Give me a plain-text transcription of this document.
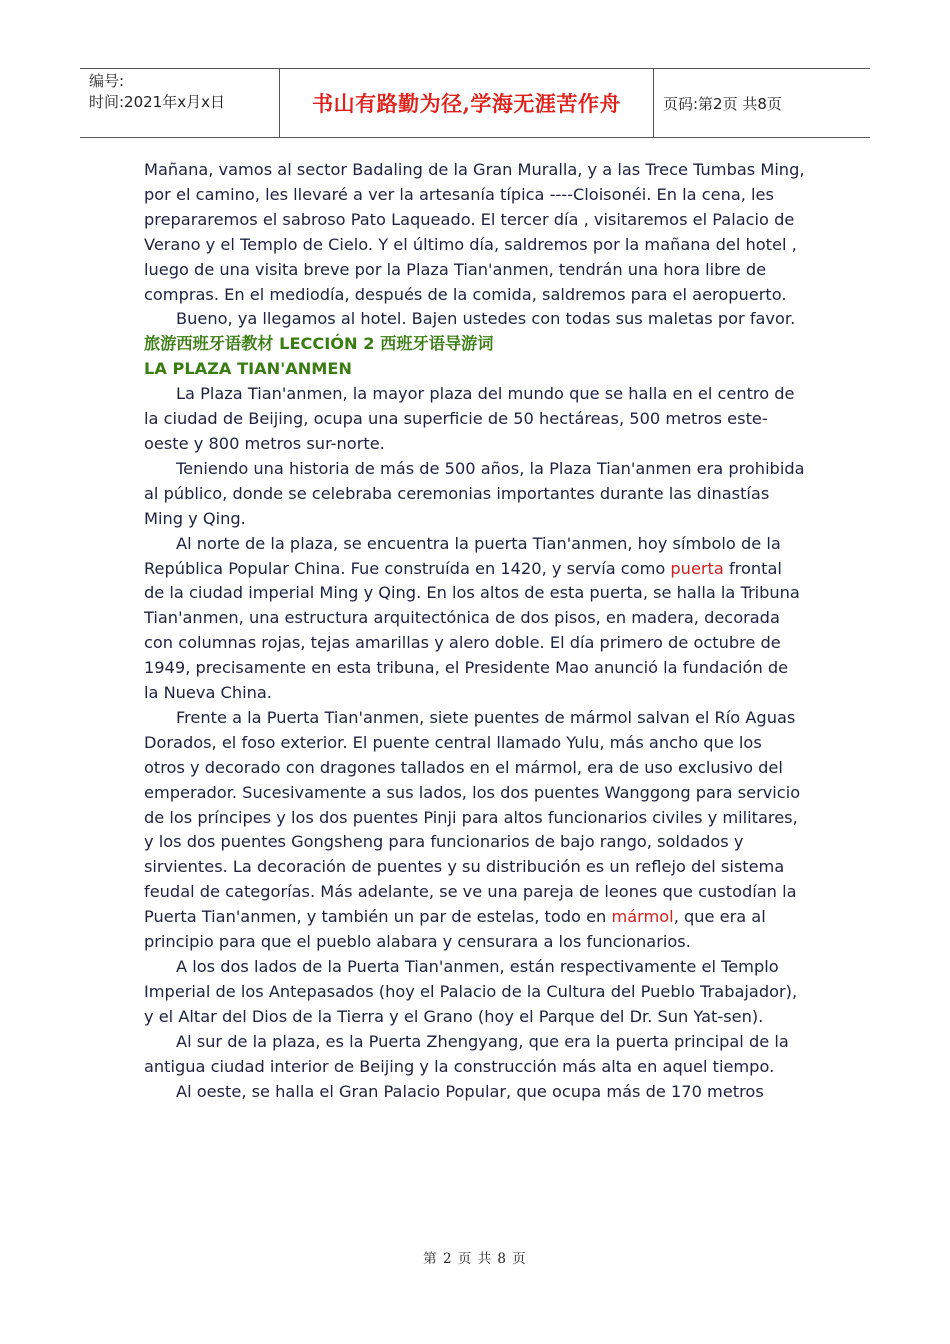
编号:
时间:2021年x月x日	书山有路勤为径,学海无涯苦作舟	页码:第2页 共8页

Mañana, vamos al sector Badaling de la Gran Muralla, y a las Trece Tumbas Ming, por el camino, les llevaré a ver la artesanía típica ----Cloisonéi. En la cena, les prepararemos el sabroso Pato Laqueado. El tercer día , visitaremos el Palacio de Verano y el Templo de Cielo. Y el último día, saldremos por la mañana del hotel , luego de una visita breve por la Plaza Tian'anmen, tendrán una hora libre de compras. En el mediodía, después de la comida, saldremos para el aeropuerto.

Bueno, ya llegamos al hotel. Bajen ustedes con todas sus maletas por favor.

旅游西班牙语教材 LECCIÓN 2 西班牙语导游词

LA PLAZA TIAN'ANMEN

La Plaza Tian'anmen, la mayor plaza del mundo que se halla en el centro de la ciudad de Beijing, ocupa una superficie de 50 hectáreas, 500 metros este-oeste y 800 metros sur-norte.

Teniendo una historia de más de 500 años, la Plaza Tian'anmen era prohibida al público, donde se celebraba ceremonias importantes durante las dinastías Ming y Qing.

Al norte de la plaza, se encuentra la puerta Tian'anmen, hoy símbolo de la República Popular China. Fue construída en 1420, y servía como puerta frontal de la ciudad imperial Ming y Qing. En los altos de esta puerta, se halla la Tribuna Tian'anmen, una estructura arquitectónica de dos pisos, en madera, decorada con columnas rojas, tejas amarillas y alero doble. El día primero de octubre de 1949, precisamente en esta tribuna, el Presidente Mao anunció la fundación de la Nueva China.

Frente a la Puerta Tian'anmen, siete puentes de mármol salvan el Río Aguas Dorados, el foso exterior. El puente central llamado Yulu, más ancho que los otros y decorado con dragones tallados en el mármol, era de uso exclusivo del emperador. Sucesivamente a sus lados, los dos puentes Wanggong para servicio de los príncipes y los dos puentes Pinji para altos funcionarios civiles y militares, y los dos puentes Gongsheng para funcionarios de bajo rango, soldados y sirvientes. La decoración de puentes y su distribución es un reflejo del sistema feudal de categorías. Más adelante, se ve una pareja de leones que custodían la Puerta Tian'anmen, y también un par de estelas, todo en mármol, que era al principio para que el pueblo alabara y censurara a los funcionarios.

A los dos lados de la Puerta Tian'anmen, están respectivamente el Templo Imperial de los Antepasados (hoy el Palacio de la Cultura del Pueblo Trabajador), y el Altar del Dios de la Tierra y el Grano (hoy el Parque del Dr. Sun Yat-sen).

Al sur de la plaza, es la Puerta Zhengyang, que era la puerta principal de la antigua ciudad interior de Beijing y la construcción más alta en aquel tiempo.

Al oeste, se halla el Gran Palacio Popular, que ocupa más de 170 metros

第 2 页 共 8 页
